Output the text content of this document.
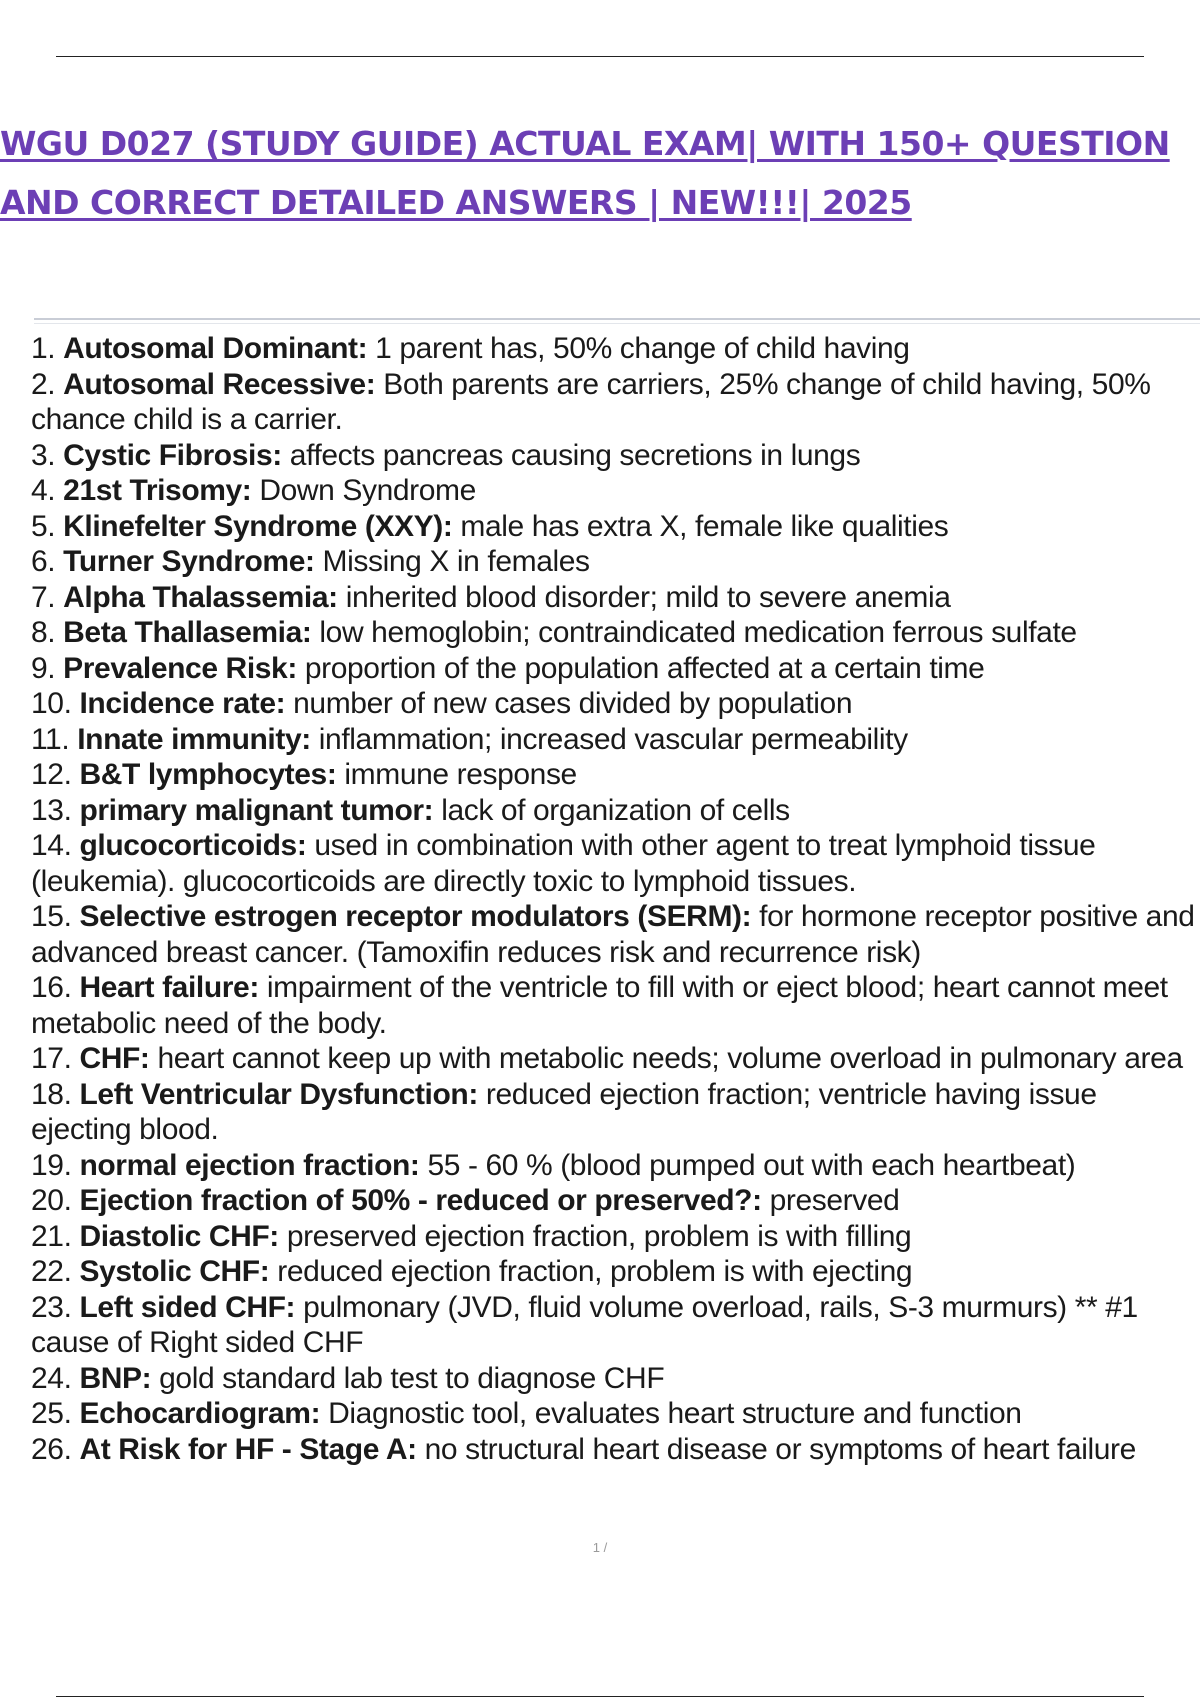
WGU D027 (STUDY GUIDE) ACTUAL EXAM| WITH 150+ QUESTION AND CORRECT DETAILED ANSWERS | NEW!!!| 2025
1. Autosomal Dominant: 1 parent has, 50% change of child having
2. Autosomal Recessive: Both parents are carriers, 25% change of child having, 50% chance child is a carrier.
3. Cystic Fibrosis: affects pancreas causing secretions in lungs
4. 21st Trisomy: Down Syndrome
5. Klinefelter Syndrome (XXY): male has extra X, female like qualities
6. Turner Syndrome: Missing X in females
7. Alpha Thalassemia: inherited blood disorder; mild to severe anemia
8. Beta Thallasemia: low hemoglobin; contraindicated medication ferrous sulfate
9. Prevalence Risk: proportion of the population affected at a certain time
10. Incidence rate: number of new cases divided by population
11. Innate immunity: inflammation; increased vascular permeability
12. B&T lymphocytes: immune response
13. primary malignant tumor: lack of organization of cells
14. glucocorticoids: used in combination with other agent to treat lymphoid tissue (leukemia). glucocorticoids are directly toxic to lymphoid tissues.
15. Selective estrogen receptor modulators (SERM): for hormone receptor positive and advanced breast cancer. (Tamoxifin reduces risk and recurrence risk)
16. Heart failure: impairment of the ventricle to fill with or eject blood; heart cannot meet metabolic need of the body.
17. CHF: heart cannot keep up with metabolic needs; volume overload in pulmonary area
18. Left Ventricular Dysfunction: reduced ejection fraction; ventricle having issue ejecting blood.
19. normal ejection fraction: 55 - 60 % (blood pumped out with each heartbeat)
20. Ejection fraction of 50% - reduced or preserved?: preserved
21. Diastolic CHF: preserved ejection fraction, problem is with filling
22. Systolic CHF: reduced ejection fraction, problem is with ejecting
23. Left sided CHF: pulmonary (JVD, fluid volume overload, rails, S-3 murmurs) ** #1 cause of Right sided CHF
24. BNP: gold standard lab test to diagnose CHF
25. Echocardiogram: Diagnostic tool, evaluates heart structure and function
26. At Risk for HF - Stage A: no structural heart disease or symptoms of heart failure
1 /
